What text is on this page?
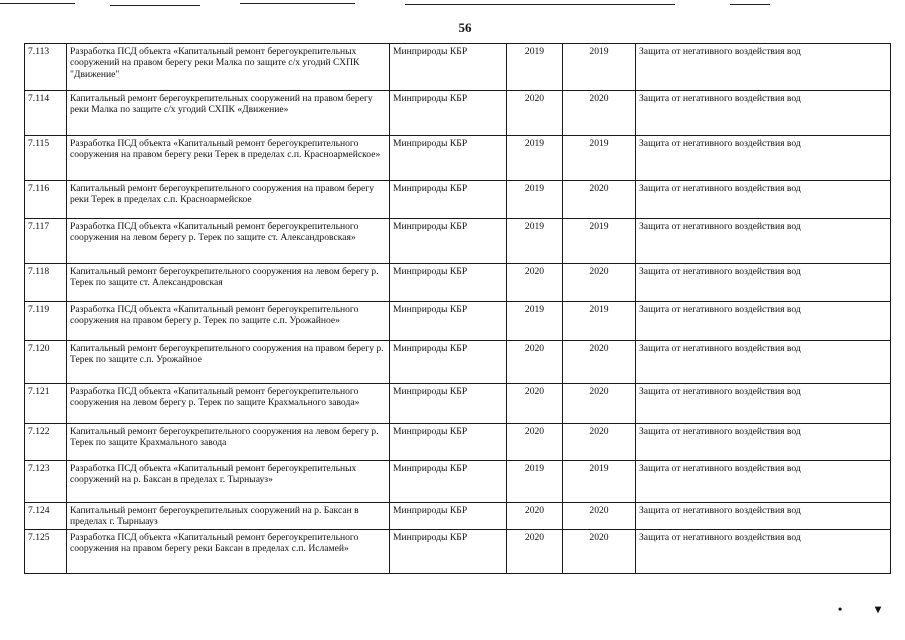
56
7.113	Разработка ПСД объекта «Капитальный ремонт берегоукрепительных сооружений на правом берегу реки Малка по защите с/х угодий СХПК "Движение"	Минприроды КБР	2019	2019	Защита от негативного воздействия вод
7.114	Капитальный ремонт берегоукрепительных сооружений на правом берегу реки Малка по защите с/х угодий СХПК «Движение»	Минприроды КБР	2020	2020	Защита от негативного воздействия вод
7.115	Разработка ПСД объекта «Капитальный ремонт берегоукрепительного сооружения на правом берегу реки Терек в пределах с.п. Красноармейское»	Минприроды КБР	2019	2019	Защита от негативного воздействия вод
7.116	Капитальный ремонт берегоукрепительного сооружения на правом берегу реки Терек в пределах с.п. Красноармейское	Минприроды КБР	2019	2020	Защита от негативного воздействия вод
7.117	Разработка ПСД объекта «Капитальный ремонт берегоукрепительного сооружения на левом берегу р. Терек по защите ст. Александровская»	Минприроды КБР	2019	2019	Защита от негативного воздействия вод
7.118	Капитальный ремонт берегоукрепительного сооружения на левом берегу р. Терек по защите ст. Александровская	Минприроды КБР	2020	2020	Защита от негативного воздействия вод
7.119	Разработка ПСД объекта «Капитальный ремонт берегоукрепительного сооружения на правом берегу р. Терек по защите с.п. Урожайное»	Минприроды КБР	2019	2019	Защита от негативного воздействия вод
7.120	Капитальный ремонт берегоукрепительного сооружения на правом берегу р. Терек по защите с.п. Урожайное	Минприроды КБР	2020	2020	Защита от негативного воздействия вод
7.121	Разработка ПСД объекта «Капитальный ремонт берегоукрепительного сооружения на левом берегу р. Терек по защите Крахмального завода»	Минприроды КБР	2020	2020	Защита от негативного воздействия вод
7.122	Капитальный ремонт берегоукрепительного сооружения на левом берегу р. Терек по защите Крахмального завода	Минприроды КБР	2020	2020	Защита от негативного воздействия вод
7.123	Разработка ПСД объекта «Капитальный ремонт берегоукрепительных сооружений на р. Баксан в пределах г. Тырныауз»	Минприроды КБР	2019	2019	Защита от негативного воздействия вод
7.124	Капитальный ремонт берегоукрепительных сооружений на р. Баксан в пределах г. Тырныауз	Минприроды КБР	2020	2020	Защита от негативного воздействия вод
7.125	Разработка ПСД объекта «Капитальный ремонт берегоукрепительного сооружения на правом берегу реки Баксан в пределах с.п. Исламей»	Минприроды КБР	2020	2020	Защита от негативного воздействия вод
•	▾
